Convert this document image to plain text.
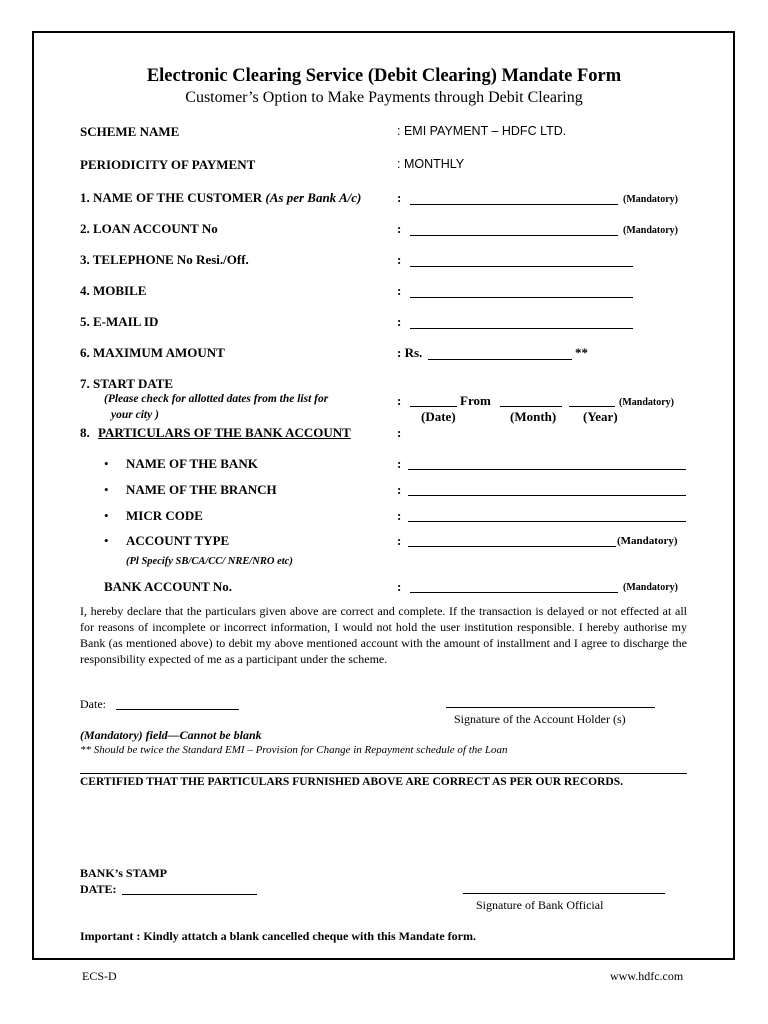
Electronic Clearing Service (Debit Clearing) Mandate Form
Customer’s Option to Make Payments through Debit Clearing
SCHEME NAME	: EMI PAYMENT – HDFC LTD.
PERIODICITY OF PAYMENT	: MONTHLY
1. NAME OF THE CUSTOMER (As per Bank A/c)	:	(Mandatory)
2. LOAN ACCOUNT No	:	(Mandatory)
3. TELEPHONE No Resi./Off.	:
4. MOBILE	:
5. E-MAIL ID	:
6. MAXIMUM AMOUNT	: Rs.	**
7. START DATE
(Please check for allotted dates from the list for
your city )
:	From	(Mandatory)
(Date)	(Month) (Year)
8. PARTICULARS OF THE BANK ACCOUNT	:
• NAME OF THE BANK	:
• NAME OF THE BRANCH	:
• MICR CODE	:
• ACCOUNT TYPE	:	(Mandatory)
(Pl Specify SB/CA/CC/ NRE/NRO etc)
BANK ACCOUNT No.	:	(Mandatory)
I, hereby declare that the particulars given above are correct and complete. If the transaction is delayed or not effected at all for reasons of incomplete or incorrect information, I would not hold the user institution responsible. I hereby authorise my Bank (as mentioned above) to debit my above mentioned account with the amount of installment and I agree to discharge the responsibility expected of me as a participant under the scheme.
Date:
Signature of the Account Holder (s)
(Mandatory) field—Cannot be blank
** Should be twice the Standard EMI – Provision for Change in Repayment schedule of the Loan
CERTIFIED THAT THE PARTICULARS FURNISHED ABOVE ARE CORRECT AS PER OUR RECORDS.
BANK’s STAMP
DATE:
Signature of Bank Official
Important : Kindly attatch a blank cancelled cheque with this Mandate form.
ECS-D	www.hdfc.com
